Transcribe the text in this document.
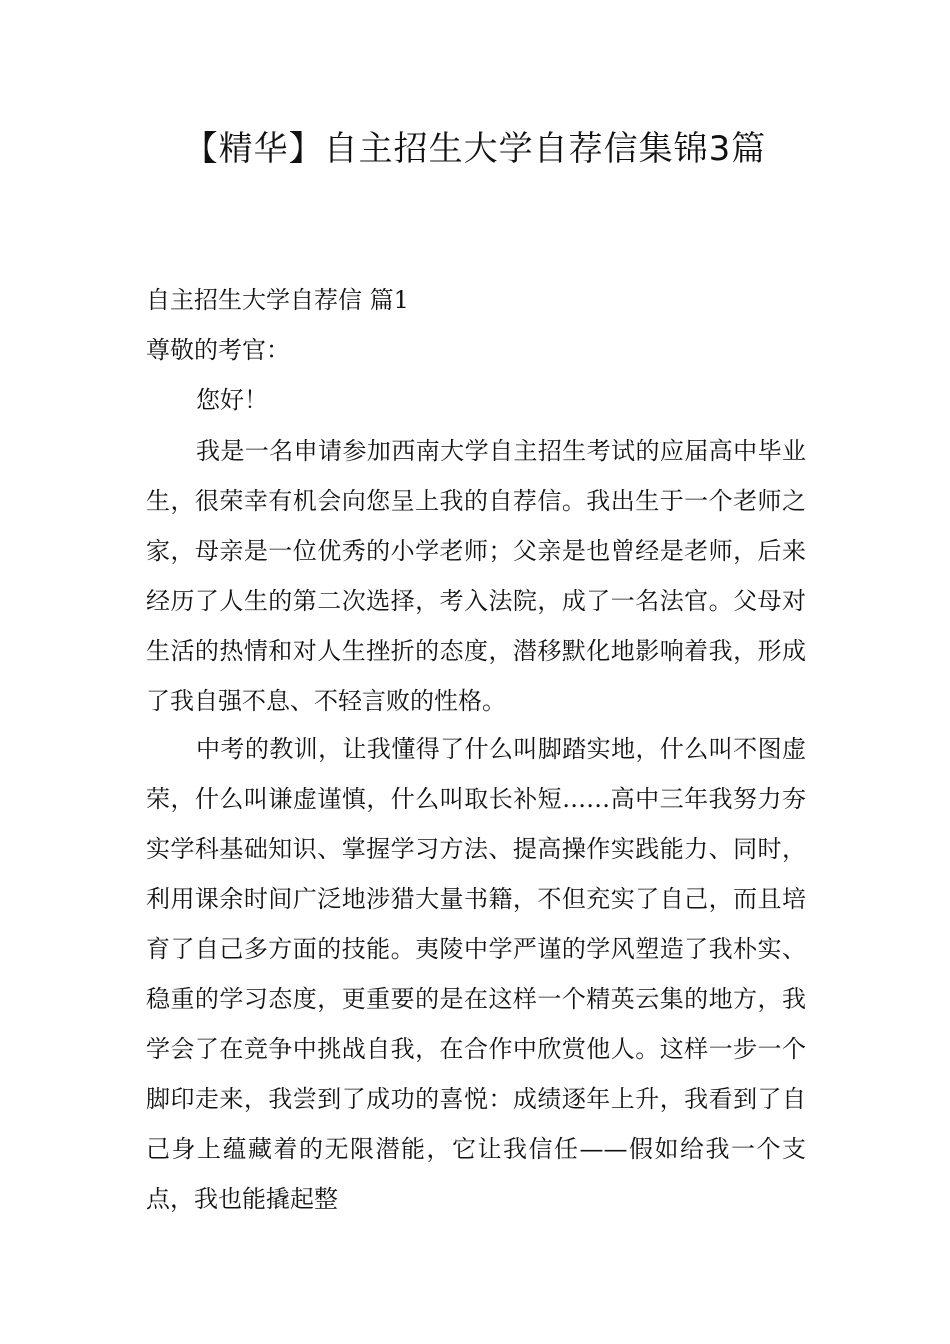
【精华】自主招生大学自荐信集锦3篇
自主招生大学自荐信 篇1

尊敬的考官：

您好！

我是一名申请参加西南大学自主招生考试的应届高中毕业生，很荣幸有机会向您呈上我的自荐信。我出生于一个老师之家，母亲是一位优秀的小学老师；父亲是也曾经是老师，后来经历了人生的第二次选择，考入法院，成了一名法官。父母对生活的热情和对人生挫折的态度，潜移默化地影响着我，形成了我自强不息、不轻言败的性格。

中考的教训，让我懂得了什么叫脚踏实地，什么叫不图虚荣，什么叫谦虚谨慎，什么叫取长补短……高中三年我努力夯实学科基础知识、掌握学习方法、提高操作实践能力、同时，利用课余时间广泛地涉猎大量书籍，不但充实了自己，而且培育了自己多方面的技能。夷陵中学严谨的学风塑造了我朴实、稳重的学习态度，更重要的是在这样一个精英云集的地方，我学会了在竞争中挑战自我，在合作中欣赏他人。这样一步一个脚印走来，我尝到了成功的喜悦：成绩逐年上升，我看到了自己身上蕴藏着的无限潜能，它让我信任——假如给我一个支点，我也能撬起整
